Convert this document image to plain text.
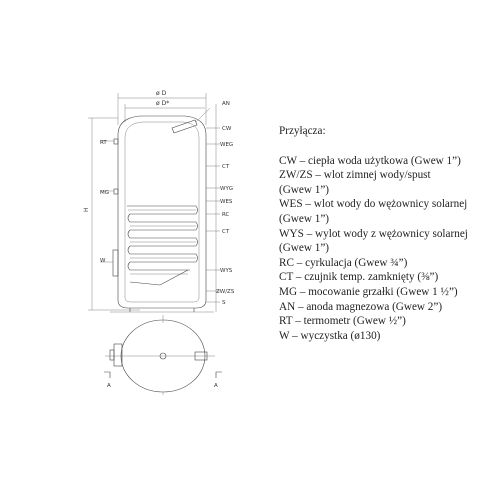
ø D
ø D*
H
RT
MG
W
AN
CW
WEG
CT
WYG
WES
RC
CT
WYS
ZW/ZS
S
A	A
Przyłącza:
CW – ciepła woda użytkowa (Gwew 1”)
ZW/ZS – wlot zimnej wody/spust
(Gwew 1”)
WES – wlot wody do wężownicy solarnej
(Gwew 1”)
WYS – wylot wody z wężownicy solarnej
(Gwew 1”)
RC – cyrkulacja (Gwew ¾”)
CT – czujnik temp. zamknięty (⅜”)
MG – mocowanie grzałki (Gwew 1 ½”)
AN – anoda magnezowa (Gwew 2”)
RT – termometr (Gwew ½”)
W – wyczystka (ø130)
